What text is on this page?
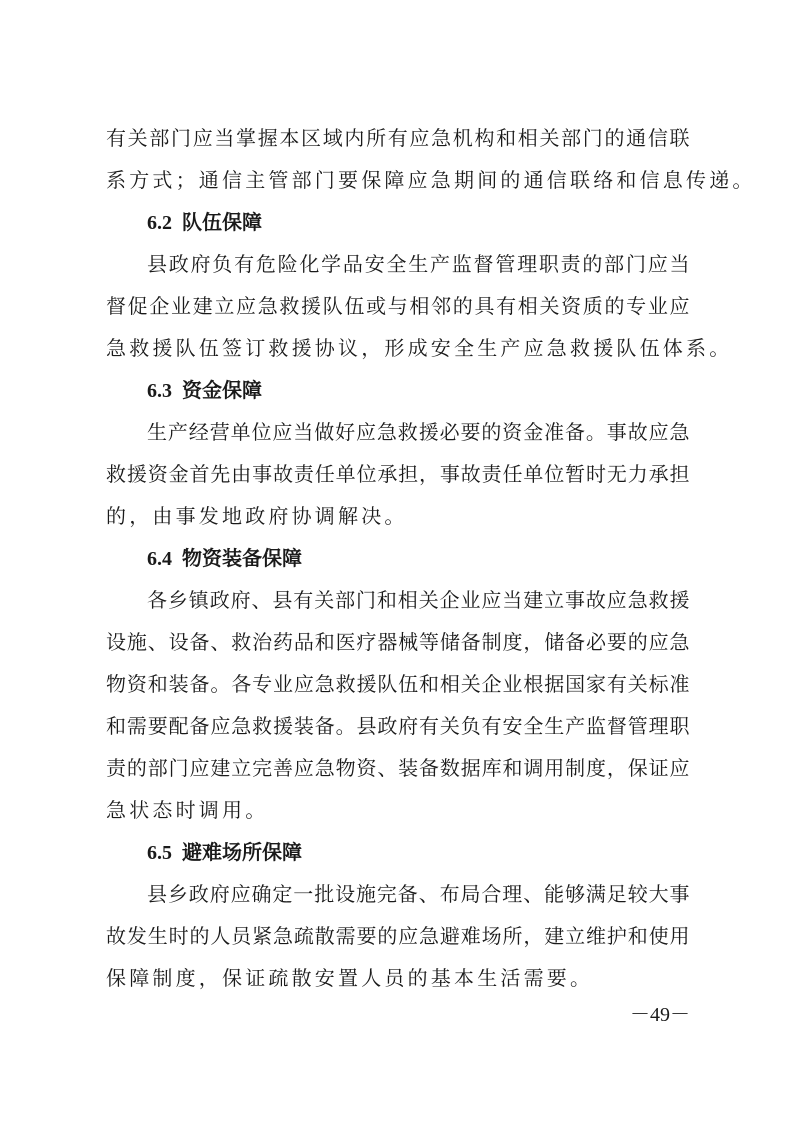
有关部门应当掌握本区域内所有应急机构和相关部门的通信联
系方式；通信主管部门要保障应急期间的通信联络和信息传递。
6.2 队伍保障
县政府负有危险化学品安全生产监督管理职责的部门应当
督促企业建立应急救援队伍或与相邻的具有相关资质的专业应
急救援队伍签订救援协议，形成安全生产应急救援队伍体系。
6.3 资金保障
生产经营单位应当做好应急救援必要的资金准备。事故应急
救援资金首先由事故责任单位承担，事故责任单位暂时无力承担
的，由事发地政府协调解决。
6.4 物资装备保障
各乡镇政府、县有关部门和相关企业应当建立事故应急救援
设施、设备、救治药品和医疗器械等储备制度，储备必要的应急
物资和装备。各专业应急救援队伍和相关企业根据国家有关标准
和需要配备应急救援装备。县政府有关负有安全生产监督管理职
责的部门应建立完善应急物资、装备数据库和调用制度，保证应
急状态时调用。
6.5 避难场所保障
县乡政府应确定一批设施完备、布局合理、能够满足较大事
故发生时的人员紧急疏散需要的应急避难场所，建立维护和使用
保障制度，保证疏散安置人员的基本生活需要。
－49－
